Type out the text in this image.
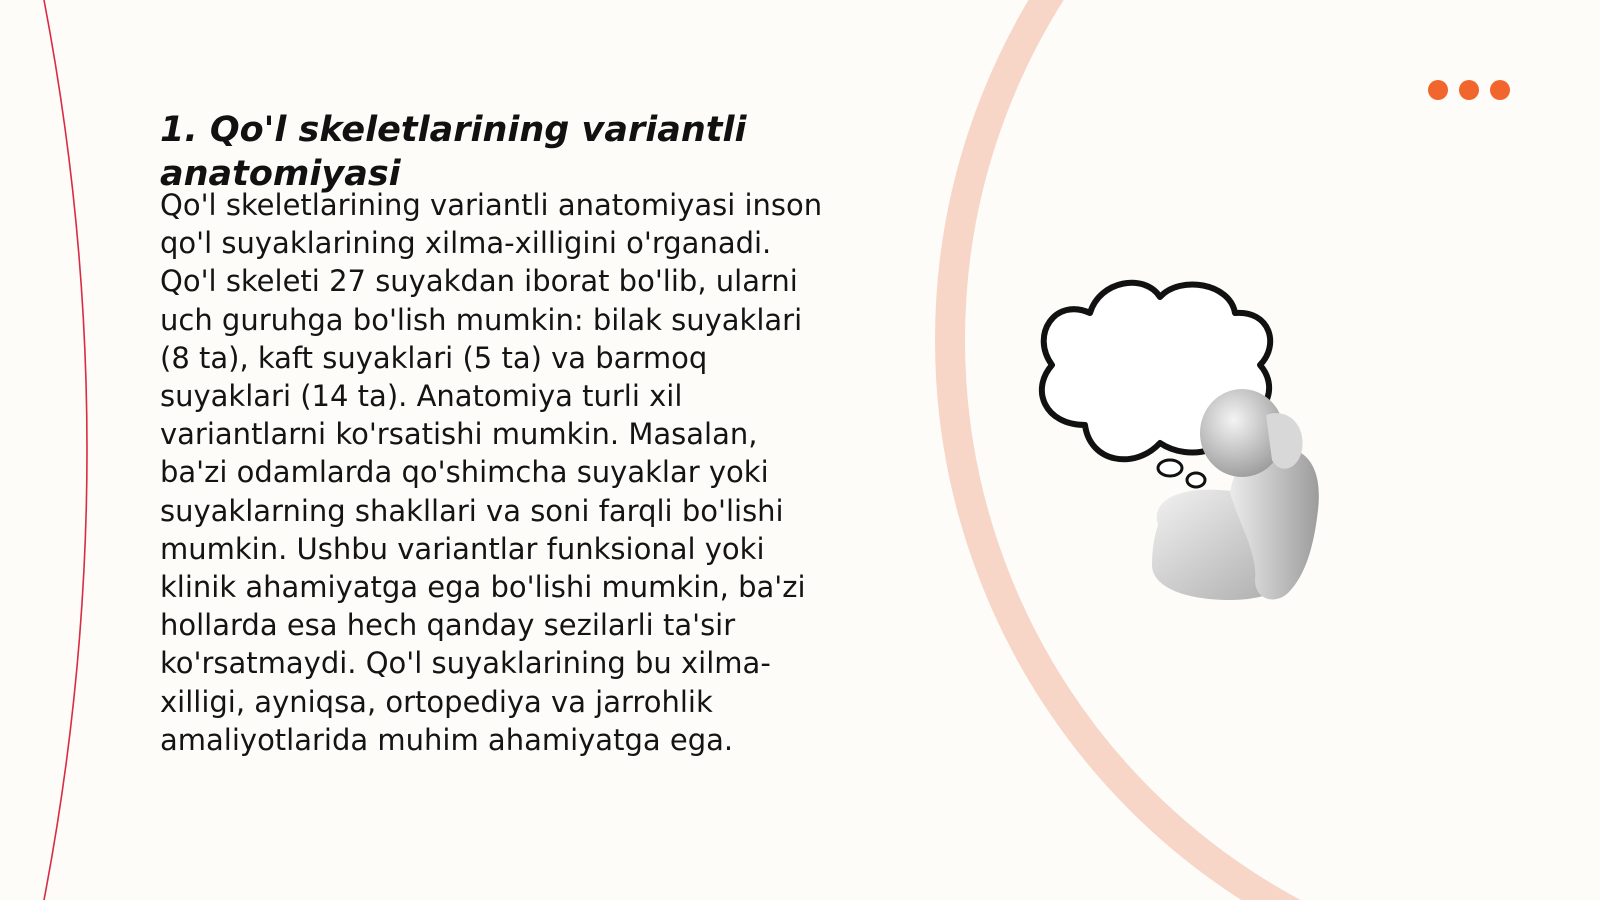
1. Qo'l skeletlarining variantli anatomiyasi

Qo'l skeletlarining variantli anatomiyasi inson qo'l suyaklarining xilma-xilligini o'rganadi. Qo'l skeleti 27 suyakdan iborat bo'lib, ularni uch guruhga bo'lish mumkin: bilak suyaklari (8 ta), kaft suyaklari (5 ta) va barmoq suyaklari (14 ta). Anatomiya turli xil variantlarni ko'rsatishi mumkin. Masalan, ba'zi odamlarda qo'shimcha suyaklar yoki suyaklarning shakllari va soni farqli bo'lishi mumkin. Ushbu variantlar funksional yoki klinik ahamiyatga ega bo'lishi mumkin, ba'zi hollarda esa hech qanday sezilarli ta'sir ko'rsatmaydi. Qo'l suyaklarining bu xilma-xilligi, ayniqsa, ortopediya va jarrohlik amaliyotlarida muhim ahamiyatga ega.
